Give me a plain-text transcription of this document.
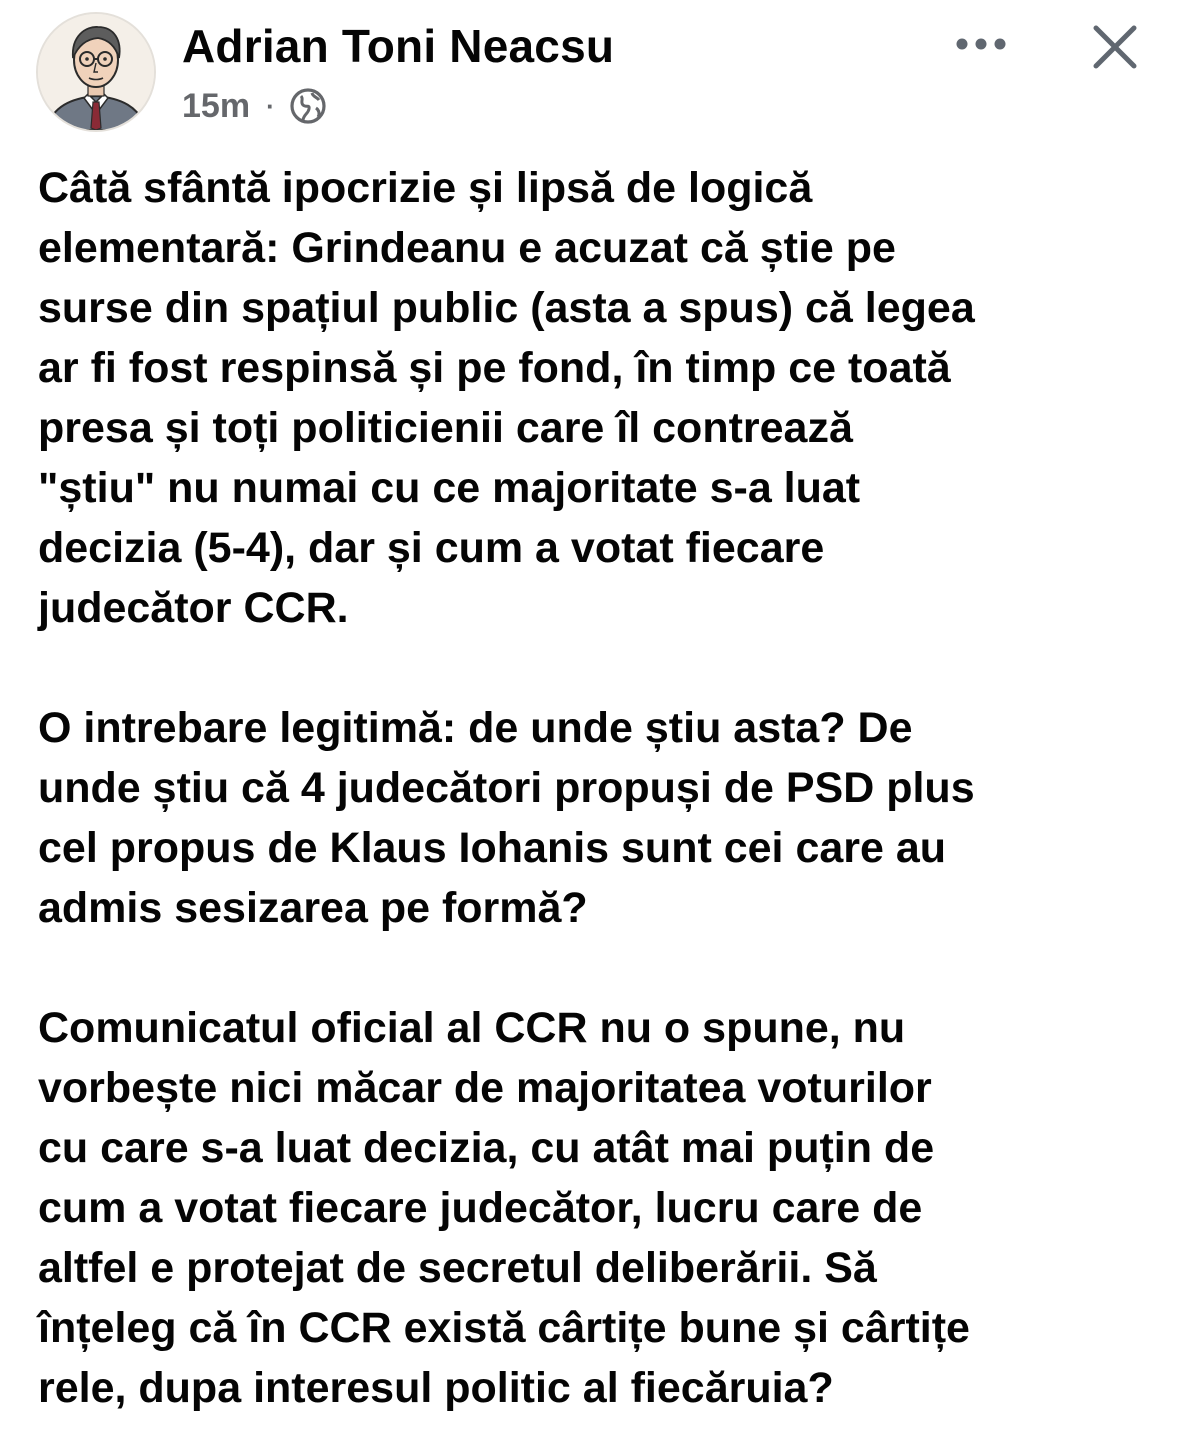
Adrian Toni Neacsu
15m ·

Câtă sfântă ipocrizie și lipsă de logică
elementară: Grindeanu e acuzat că știe pe
surse din spațiul public (asta a spus) că legea
ar fi fost respinsă și pe fond, în timp ce toată
presa și toți politicienii care îl contrează
"știu" nu numai cu ce majoritate s-a luat
decizia (5-4), dar și cum a votat fiecare
judecător CCR.

O intrebare legitimă: de unde știu asta? De
unde știu că 4 judecători propuși de PSD plus
cel propus de Klaus Iohanis sunt cei care au
admis sesizarea pe formă?

Comunicatul oficial al CCR nu o spune, nu
vorbește nici măcar de majoritatea voturilor
cu care s-a luat decizia, cu atât mai puțin de
cum a votat fiecare judecător, lucru care de
altfel e protejat de secretul deliberării. Să
înțeleg că în CCR există cârtițe bune și cârtițe
rele, dupa interesul politic al fiecăruia?
